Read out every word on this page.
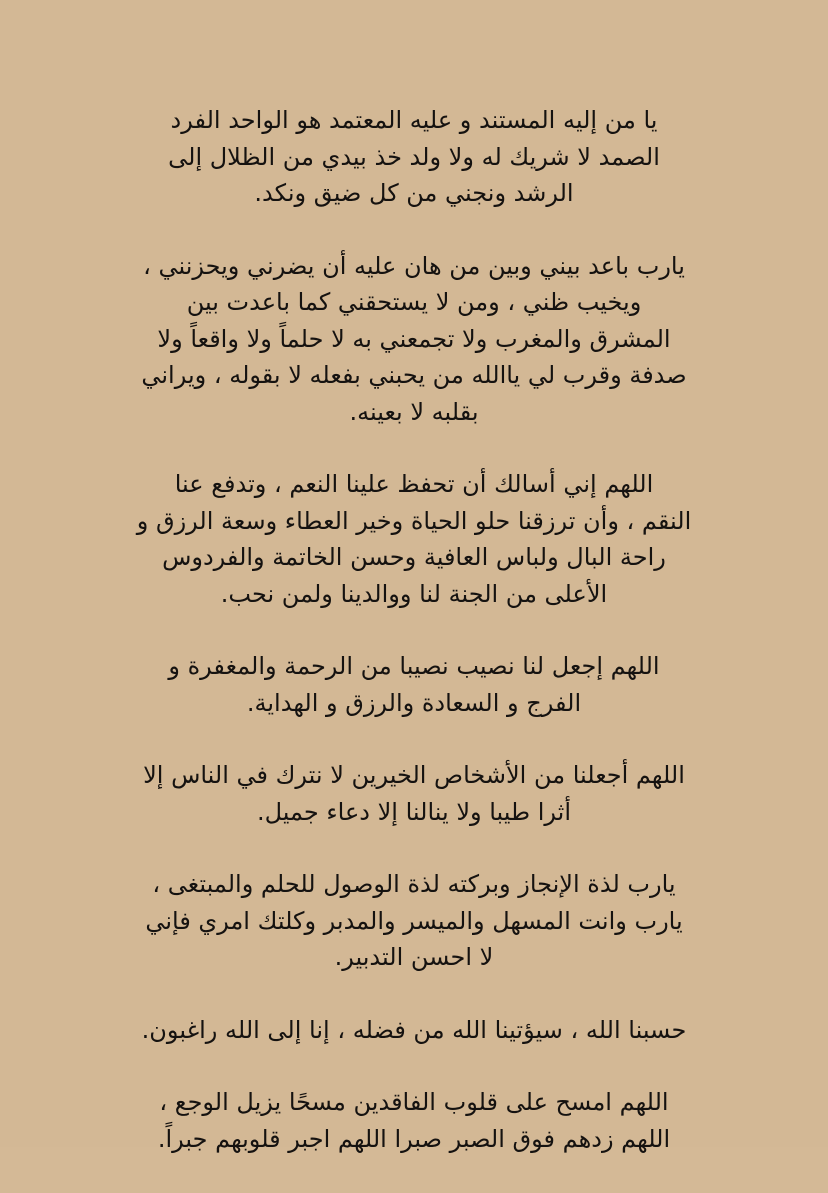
يا من إليه المستند و عليه المعتمد هو الواحد الفرد
الصمد لا شريك له ولا ولد خذ بيدي من الظلال إلى
الرشد ونجني من كل ضيق ونكد.

يارب باعد بيني وبين من هان عليه أن يضرني ويحزنني ،
ويخيب ظني ، ومن لا يستحقني كما باعدت بين
المشرق والمغرب ولا تجمعني به لا حلماً ولا واقعاً ولا
صدفة وقرب لي ياالله من يحبني بفعله لا بقوله ، ويراني
بقلبه لا بعينه.

اللهم إني أسالك أن تحفظ علينا النعم ، وتدفع عنا
النقم ، وأن ترزقنا حلو الحياة وخير العطاء وسعة الرزق و
راحة البال ولباس العافية وحسن الخاتمة والفردوس
الأعلى من الجنة لنا ووالدينا ولمن نحب.

اللهم إجعل لنا نصيب نصيبا من الرحمة والمغفرة و
الفرج و السعادة والرزق و الهداية.

اللهم أجعلنا من الأشخاص الخيرين لا نترك في الناس إلا
أثرا طيبا ولا ينالنا إلا دعاء جميل.

يارب لذة الإنجاز وبركته لذة الوصول للحلم والمبتغى ،
يارب وانت المسهل والميسر والمدبر وكلتك امري فإني
لا احسن التدبير.

حسبنا الله ، سيؤتينا الله من فضله ، إنا إلى الله راغبون.

اللهم امسح على قلوب الفاقدين مسحًا يزيل الوجع ،
اللهم زدهم فوق الصبر صبرا اللهم اجبر قلوبهم جبراً.
